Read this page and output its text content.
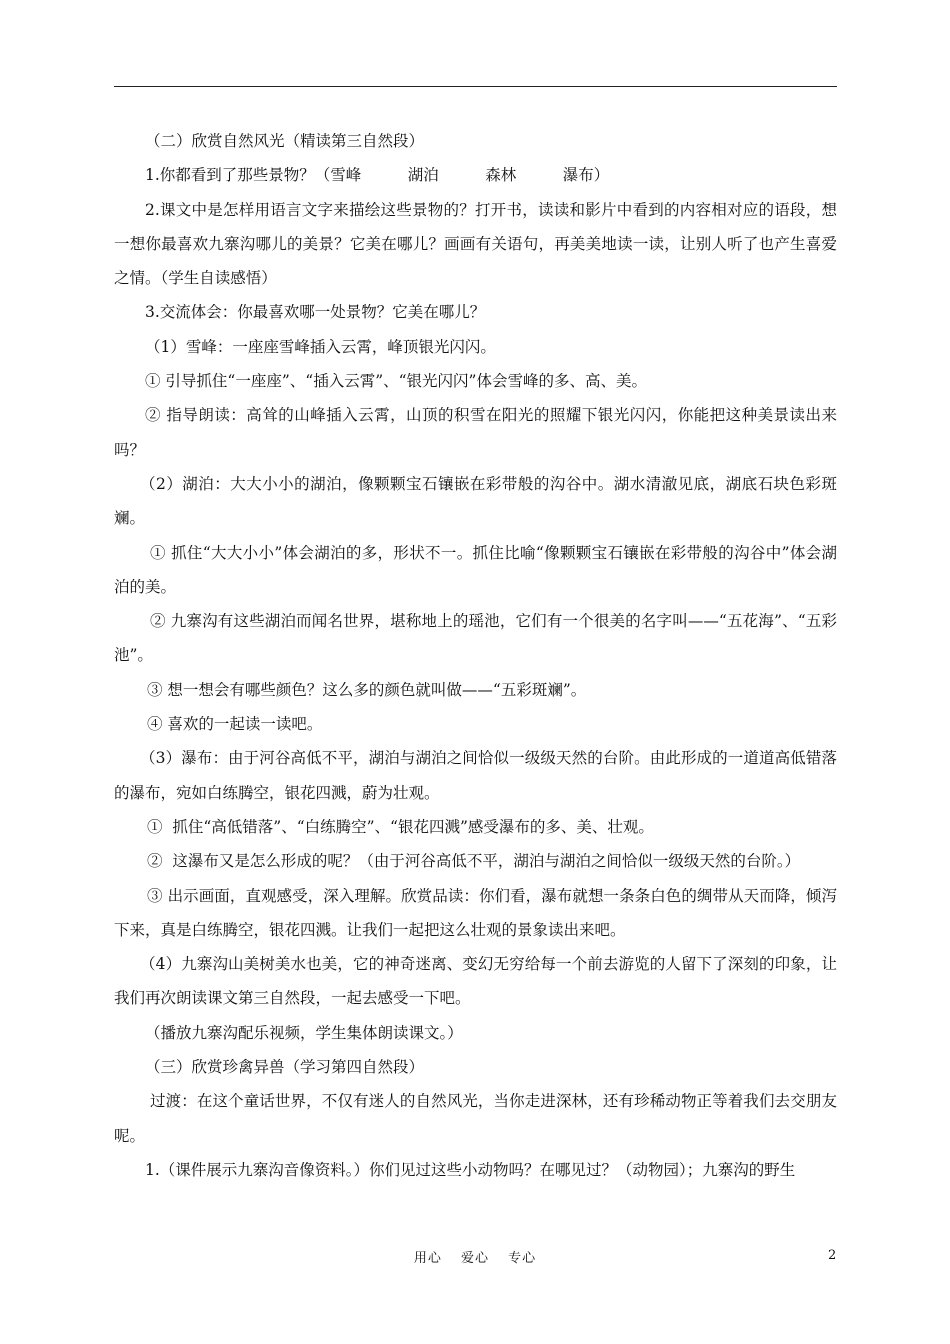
（二）欣赏自然风光（精读第三自然段）

1.你都看到了那些景物？（雪峰　　　湖泊　　　森林　　　瀑布）

2.课文中是怎样用语言文字来描绘这些景物的？打开书，读读和影片中看到的内容相对应的语段，想一想你最喜欢九寨沟哪儿的美景？它美在哪儿？画画有关语句，再美美地读一读，让别人听了也产生喜爱之情。（学生自读感悟）

3.交流体会：你最喜欢哪一处景物？它美在哪儿？

（1）雪峰：一座座雪峰插入云霄，峰顶银光闪闪。

① 引导抓住“一座座”、“插入云霄”、“银光闪闪”体会雪峰的多、高、美。

② 指导朗读：高耸的山峰插入云霄，山顶的积雪在阳光的照耀下银光闪闪，你能把这种美景读出来吗？

（2）湖泊：大大小小的湖泊，像颗颗宝石镶嵌在彩带般的沟谷中。湖水清澈见底，湖底石块色彩斑斓。

① 抓住“大大小小”体会湖泊的多，形状不一。抓住比喻“像颗颗宝石镶嵌在彩带般的沟谷中”体会湖泊的美。

② 九寨沟有这些湖泊而闻名世界，堪称地上的瑶池，它们有一个很美的名字叫——“五花海”、“五彩池”。

③ 想一想会有哪些颜色？这么多的颜色就叫做——“五彩斑斓”。

④ 喜欢的一起读一读吧。

（3）瀑布：由于河谷高低不平，湖泊与湖泊之间恰似一级级天然的台阶。由此形成的一道道高低错落的瀑布，宛如白练腾空，银花四溅，蔚为壮观。

①  抓住“高低错落”、“白练腾空”、“银花四溅”感受瀑布的多、美、壮观。

②  这瀑布又是怎么形成的呢？（由于河谷高低不平，湖泊与湖泊之间恰似一级级天然的台阶。）

③ 出示画面，直观感受，深入理解。欣赏品读：你们看，瀑布就想一条条白色的绸带从天而降，倾泻下来，真是白练腾空，银花四溅。让我们一起把这么壮观的景象读出来吧。

（4）九寨沟山美树美水也美，它的神奇迷离、变幻无穷给每一个前去游览的人留下了深刻的印象，让我们再次朗读课文第三自然段，一起去感受一下吧。

（播放九寨沟配乐视频，学生集体朗读课文。）

（三）欣赏珍禽异兽（学习第四自然段）

过渡：在这个童话世界，不仅有迷人的自然风光，当你走进深林，还有珍稀动物正等着我们去交朋友呢。

1.（课件展示九寨沟音像资料。）你们见过这些小动物吗？在哪见过？（动物园）；九寨沟的野生

用心　 爱心 　专心	2
